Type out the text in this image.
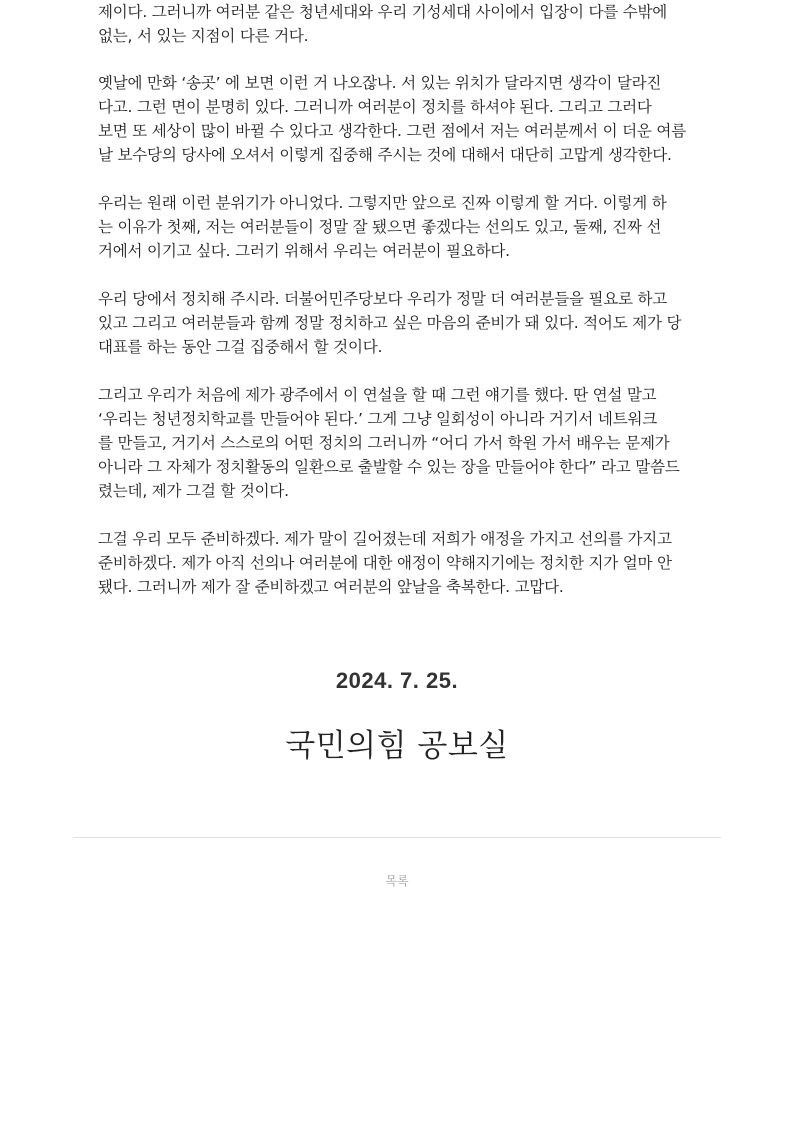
제이다. 그러니까 여러분 같은 청년세대와 우리 기성세대 사이에서 입장이 다를 수밖에
없는, 서 있는 지점이 다른 거다.

옛날에 만화 ‘송곳’ 에 보면 이런 거 나오잖나. 서 있는 위치가 달라지면 생각이 달라진
다고. 그런 면이 분명히 있다. 그러니까 여러분이 정치를 하셔야 된다. 그리고 그러다
보면 또 세상이 많이 바뀔 수 있다고 생각한다. 그런 점에서 저는 여러분께서 이 더운 여름
날 보수당의 당사에 오셔서 이렇게 집중해 주시는 것에 대해서 대단히 고맙게 생각한다.

우리는 원래 이런 분위기가 아니었다. 그렇지만 앞으로 진짜 이렇게 할 거다. 이렇게 하
는 이유가 첫째, 저는 여러분들이 정말 잘 됐으면 좋겠다는 선의도 있고, 둘째, 진짜 선
거에서 이기고 싶다. 그러기 위해서 우리는 여러분이 필요하다.

우리 당에서 정치해 주시라. 더불어민주당보다 우리가 정말 더 여러분들을 필요로 하고
있고 그리고 여러분들과 함께 정말 정치하고 싶은 마음의 준비가 돼 있다. 적어도 제가 당
대표를 하는 동안 그걸 집중해서 할 것이다.

그리고 우리가 처음에 제가 광주에서 이 연설을 할 때 그런 얘기를 했다. 딴 연설 말고
‘우리는 청년정치학교를 만들어야 된다.’ 그게 그냥 일회성이 아니라 거기서 네트워크
를 만들고, 거기서 스스로의 어떤 정치의 그러니까 “어디 가서 학원 가서 배우는 문제가
아니라 그 자체가 정치활동의 일환으로 출발할 수 있는 장을 만들어야 한다” 라고 말씀드
렸는데, 제가 그걸 할 것이다.

그걸 우리 모두 준비하겠다. 제가 말이 길어졌는데 저희가 애정을 가지고 선의를 가지고
준비하겠다. 제가 아직 선의나 여러분에 대한 애정이 약해지기에는 정치한 지가 얼마 안
됐다. 그러니까 제가 잘 준비하겠고 여러분의 앞날을 축복한다. 고맙다.

2024. 7. 25.
국민의힘 공보실
목록
